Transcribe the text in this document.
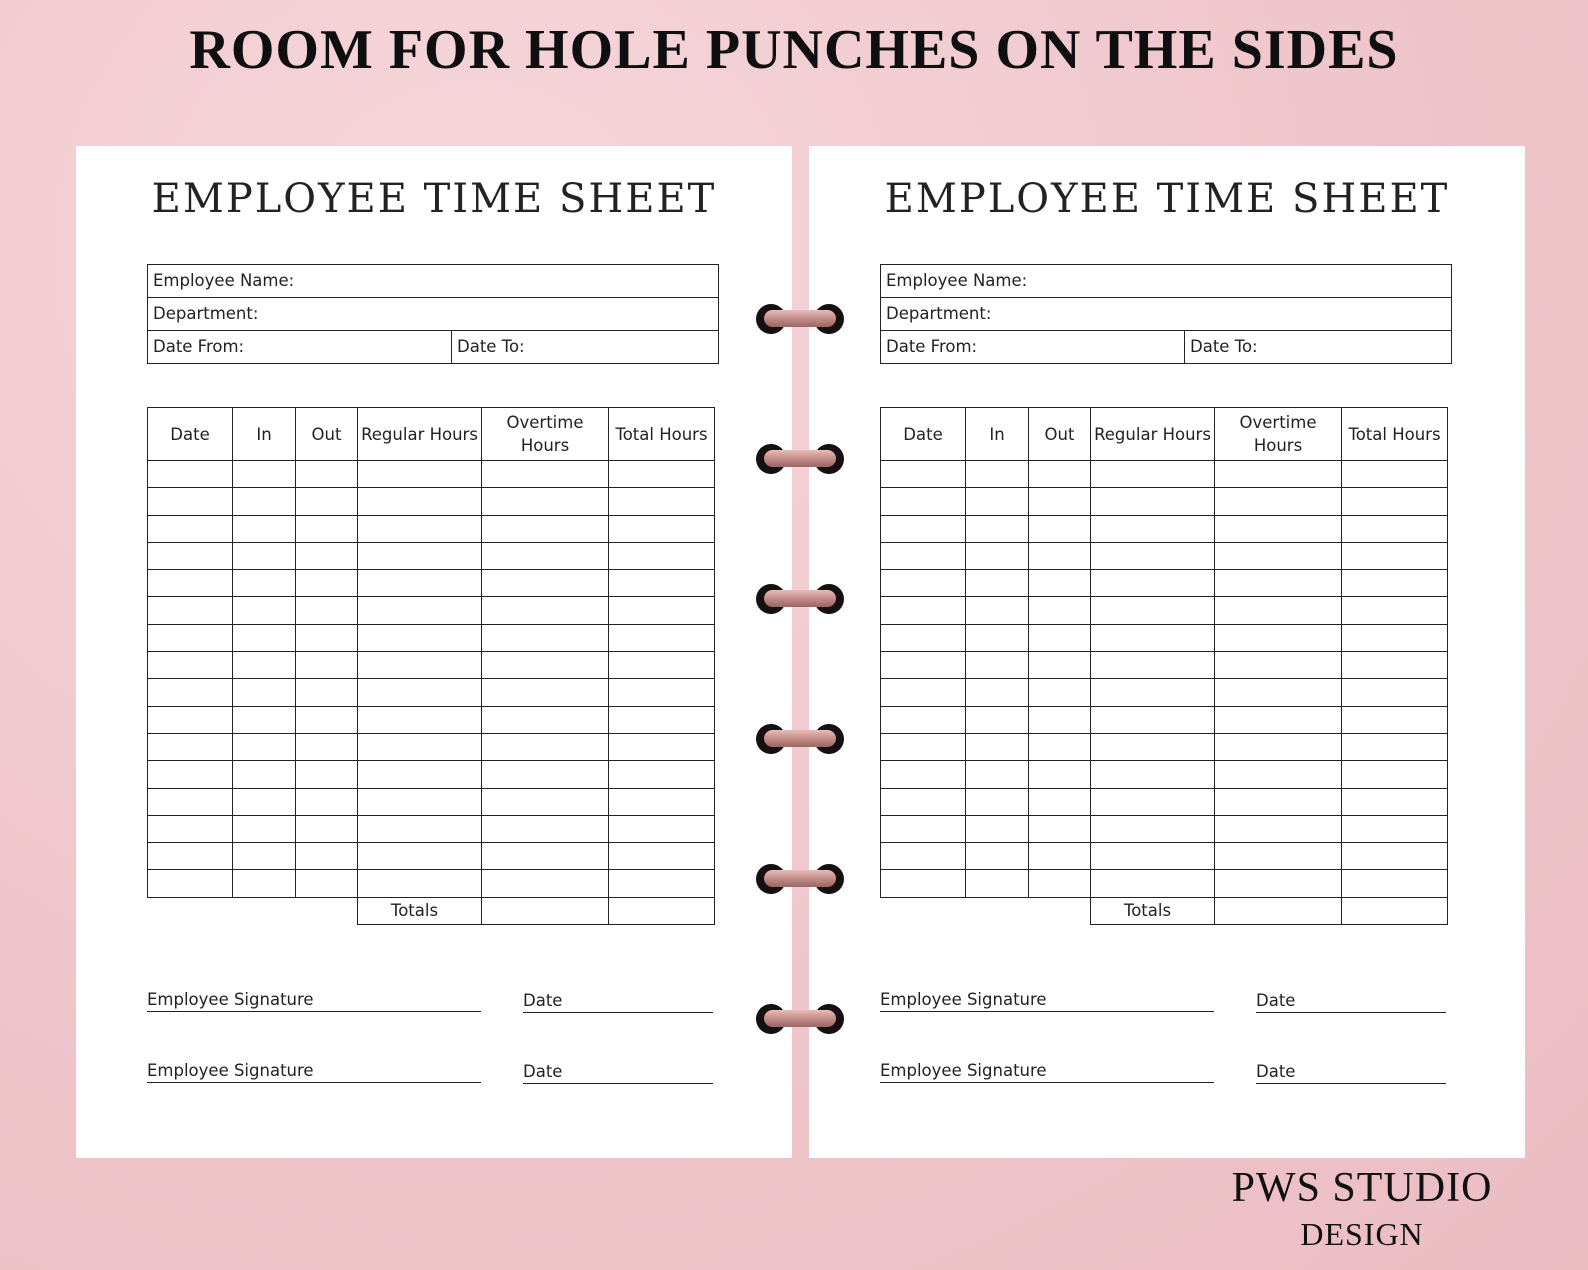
ROOM FOR HOLE PUNCHES ON THE SIDES
EMPLOYEE TIME SHEET
Employee Name:
Department:
Date From:	Date To:
Date	In	Out	Regular Hours	Overtime Hours	Total Hours

			Totals		
Employee Signature	Date
Employee Signature	Date
EMPLOYEE TIME SHEET
Employee Name:
Department:
Date From:	Date To:
Date	In	Out	Regular Hours	Overtime Hours	Total Hours

			Totals		
Employee Signature	Date
Employee Signature	Date
PWS STUDIO
DESIGN
